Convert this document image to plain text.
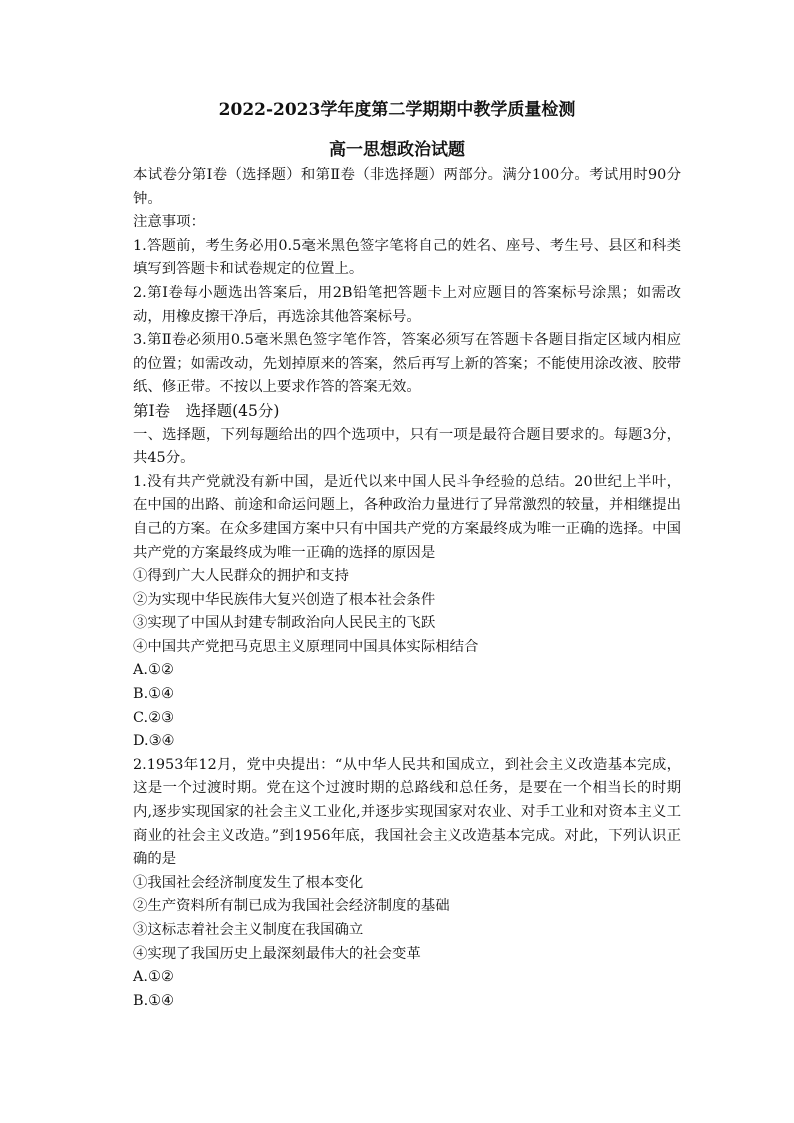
2022-2023学年度第二学期期中教学质量检测
高一思想政治试题

本试卷分第Ⅰ卷（选择题）和第Ⅱ卷（非选择题）两部分。满分100分。考试用时90分钟。

注意事项：

1.答题前，考生务必用0.5毫米黑色签字笔将自己的姓名、座号、考生号、县区和科类填写到答题卡和试卷规定的位置上。

2.第Ⅰ卷每小题选出答案后，用2B铅笔把答题卡上对应题目的答案标号涂黑；如需改动，用橡皮擦干净后，再选涂其他答案标号。

3.第Ⅱ卷必须用0.5毫米黑色签字笔作答，答案必须写在答题卡各题目指定区域内相应的位置；如需改动，先划掉原来的答案，然后再写上新的答案；不能使用涂改液、胶带纸、修正带。不按以上要求作答的答案无效。

第Ⅰ卷　选择题(45分)

一、选择题，下列每题给出的四个选项中，只有一项是最符合题目要求的。每题3分，共45分。

1.没有共产党就没有新中国，是近代以来中国人民斗争经验的总结。20世纪上半叶，在中国的出路、前途和命运问题上，各种政治力量进行了异常激烈的较量，并相继提出自己的方案。在众多建国方案中只有中国共产党的方案最终成为唯一正确的选择。中国共产党的方案最终成为唯一正确的选择的原因是

①得到广大人民群众的拥护和支持

②为实现中华民族伟大复兴创造了根本社会条件

③实现了中国从封建专制政治向人民民主的飞跃

④中国共产党把马克思主义原理同中国具体实际相结合

A.①②

B.①④

C.②③

D.③④

2.1953年12月，党中央提出：“从中华人民共和国成立，到社会主义改造基本完成，这是一个过渡时期。党在这个过渡时期的总路线和总任务，是要在一个相当长的时期内,逐步实现国家的社会主义工业化,并逐步实现国家对农业、对手工业和对资本主义工商业的社会主义改造。”到1956年底，我国社会主义改造基本完成。对此，下列认识正确的是

①我国社会经济制度发生了根本变化

②生产资料所有制已成为我国社会经济制度的基础

③这标志着社会主义制度在我国确立

④实现了我国历史上最深刻最伟大的社会变革

A.①②

B.①④
